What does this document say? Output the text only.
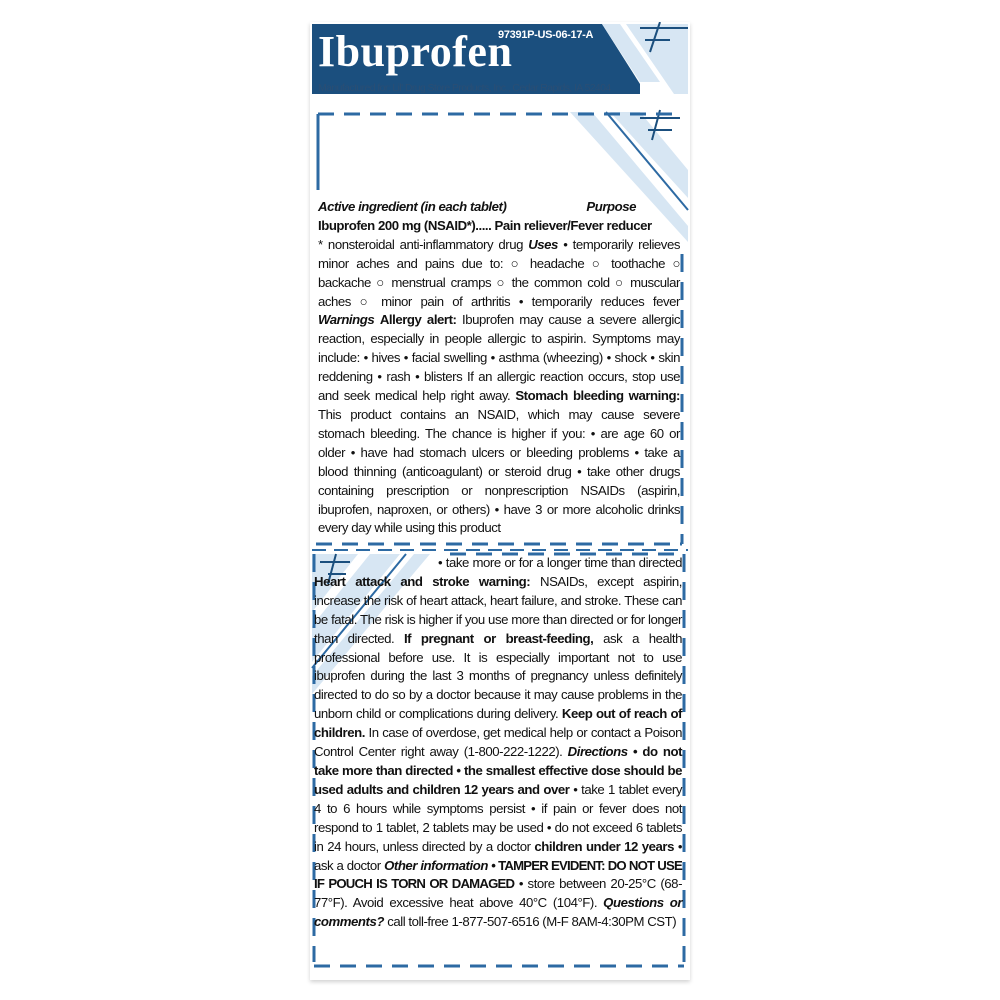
Ibuprofen
97391P-US-06-17-A
Manufactured for: Lil' Drug Store Products, Inc., Cedar Rapids, IA 52404
Active ingredient (in each tablet)	Purpose
Ibuprofen 200 mg (NSAID*)..... Pain reliever/Fever reducer
* nonsteroidal anti-inflammatory drug Uses • temporarily relieves minor aches and pains due to: ○ headache ○ toothache ○ backache ○ menstrual cramps ○ the common cold ○ muscular aches ○ minor pain of arthritis • temporarily reduces fever Warnings Allergy alert: Ibuprofen may cause a severe allergic reaction, especially in people allergic to aspirin. Symptoms may include: • hives • facial swelling • asthma (wheezing) • shock • skin reddening • rash • blisters If an allergic reaction occurs, stop use and seek medical help right away. Stomach bleeding warning: This product contains an NSAID, which may cause severe stomach bleeding. The chance is higher if you: • are age 60 or older • have had stomach ulcers or bleeding problems • take a blood thinning (anticoagulant) or steroid drug • take other drugs containing prescription or nonprescription NSAIDs (aspirin, ibuprofen, naproxen, or others) • have 3 or more alcoholic drinks every day while using this product
• take more or for a longer time than directed Heart attack and stroke warning: NSAIDs, except aspirin, increase the risk of heart attack, heart failure, and stroke. These can be fatal. The risk is higher if you use more than directed or for longer than directed. If pregnant or breast-feeding, ask a health professional before use. It is especially important not to use ibuprofen during the last 3 months of pregnancy unless definitely directed to do so by a doctor because it may cause problems in the unborn child or complications during delivery. Keep out of reach of children. In case of overdose, get medical help or contact a Poison Control Center right away (1-800-222-1222). Directions • do not take more than directed • the smallest effective dose should be used adults and children 12 years and over • take 1 tablet every 4 to 6 hours while symptoms persist • if pain or fever does not respond to 1 tablet, 2 tablets may be used • do not exceed 6 tablets in 24 hours, unless directed by a doctor children under 12 years • ask a doctor Other information • TAMPER EVIDENT: DO NOT USE IF POUCH IS TORN OR DAMAGED • store between 20-25°C (68-77°F). Avoid excessive heat above 40°C (104°F). Questions or comments? call toll-free 1-877-507-6516 (M-F 8AM-4:30PM CST)
